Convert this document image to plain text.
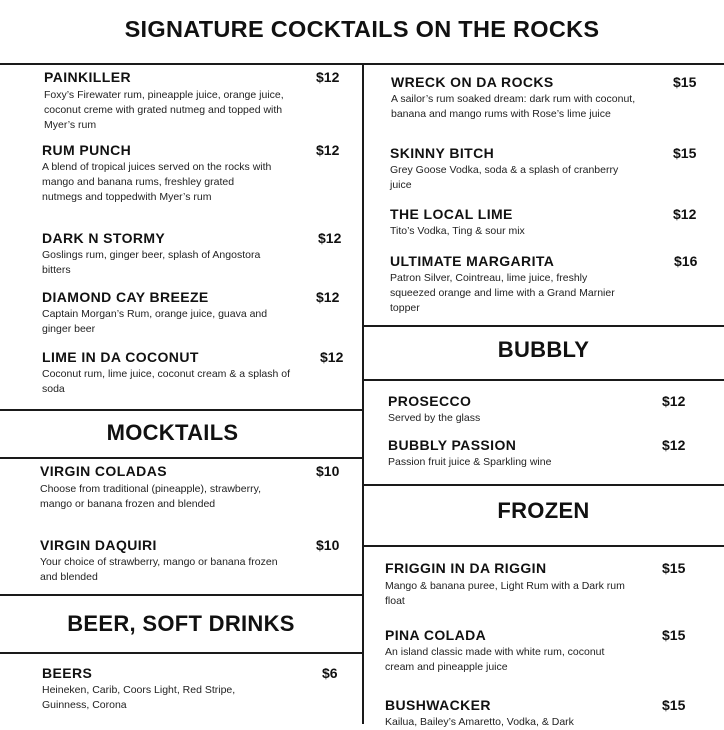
SIGNATURE COCKTAILS ON THE ROCKS
MOCKTAILS
BEER, SOFT DRINKS
BUBBLY
FROZEN
PAINKILLER	$12
Foxy’s Firewater rum, pineapple juice, orange juice, coconut creme with grated nutmeg and topped with Myer’s rum
RUM PUNCH	$12
A blend of tropical juices served on the rocks with mango and banana rums, freshley grated nutmegs and toppedwith Myer’s rum
DARK N STORMY	$12
Goslings rum, ginger beer, splash of Angostora bitters
DIAMOND CAY BREEZE	$12
Captain Morgan’s Rum, orange juice, guava and ginger beer
LIME IN DA COCONUT	$12
Coconut rum, lime juice, coconut cream & a splash of soda
WRECK ON DA ROCKS	$15
A sailor’s rum soaked dream: dark rum with coconut, banana and mango rums with Rose’s lime juice
SKINNY BITCH	$15
Grey Goose Vodka, soda & a splash of cranberry juice
THE LOCAL LIME	$12
Tito’s Vodka, Ting & sour mix
ULTIMATE MARGARITA	$16
Patron Silver, Cointreau, lime juice, freshly squeezed orange and lime with a Grand Marnier topper
VIRGIN COLADAS	$10
Choose from traditional (pineapple), strawberry, mango or banana frozen and blended
VIRGIN DAQUIRI	$10
Your choice of strawberry, mango or banana frozen and blended
BEERS	$6
Heineken, Carib, Coors Light, Red Stripe, Guinness, Corona
PROSECCO	$12
Served by the glass
BUBBLY PASSION	$12
Passion fruit juice & Sparkling wine
FRIGGIN IN DA RIGGIN	$15
Mango & banana puree, Light Rum with a Dark rum float
PINA COLADA	$15
An island classic made with white rum, coconut cream and pineapple juice
BUSHWACKER	$15
Kailua, Bailey’s Amaretto, Vodka, & Dark
